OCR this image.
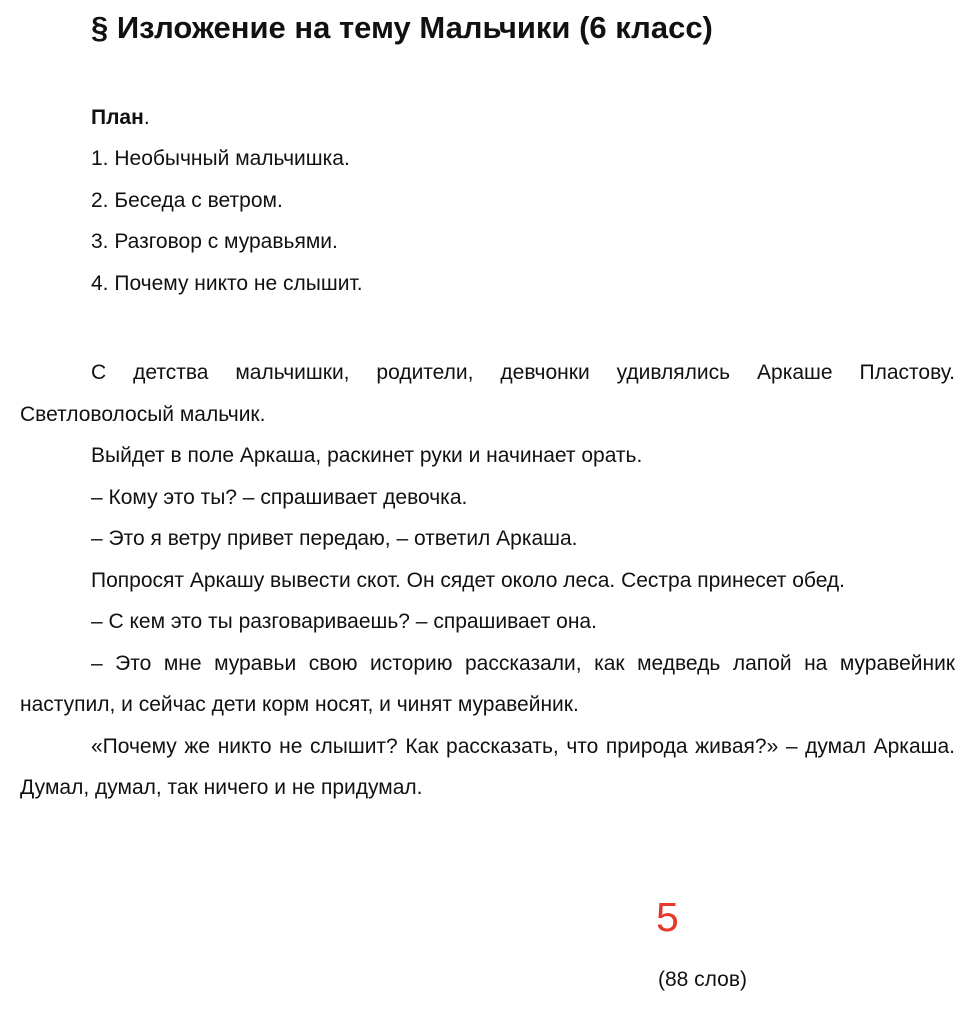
§ Изложение на тему Мальчики (6 класс)
План.
1. Необычный мальчишка.
2. Беседа с ветром.
3. Разговор с муравьями.
4. Почему никто не слышит.

С детства мальчишки, родители, девчонки удивлялись Аркаше Пластову. Светловолосый мальчик.

Выйдет в поле Аркаша, раскинет руки и начинает орать.

– Кому это ты? – спрашивает девочка.

– Это я ветру привет передаю, – ответил Аркаша.

Попросят Аркашу вывести скот. Он сядет около леса. Сестра принесет обед.

– С кем это ты разговариваешь? – спрашивает она.

– Это мне муравьи свою историю рассказали, как медведь лапой на муравейник наступил, и сейчас дети корм носят, и чинят муравейник.

«Почему же никто не слышит? Как рассказать, что природа живая?» – думал Аркаша. Думал, думал, так ничего и не придумал.

5
(88 слов)
